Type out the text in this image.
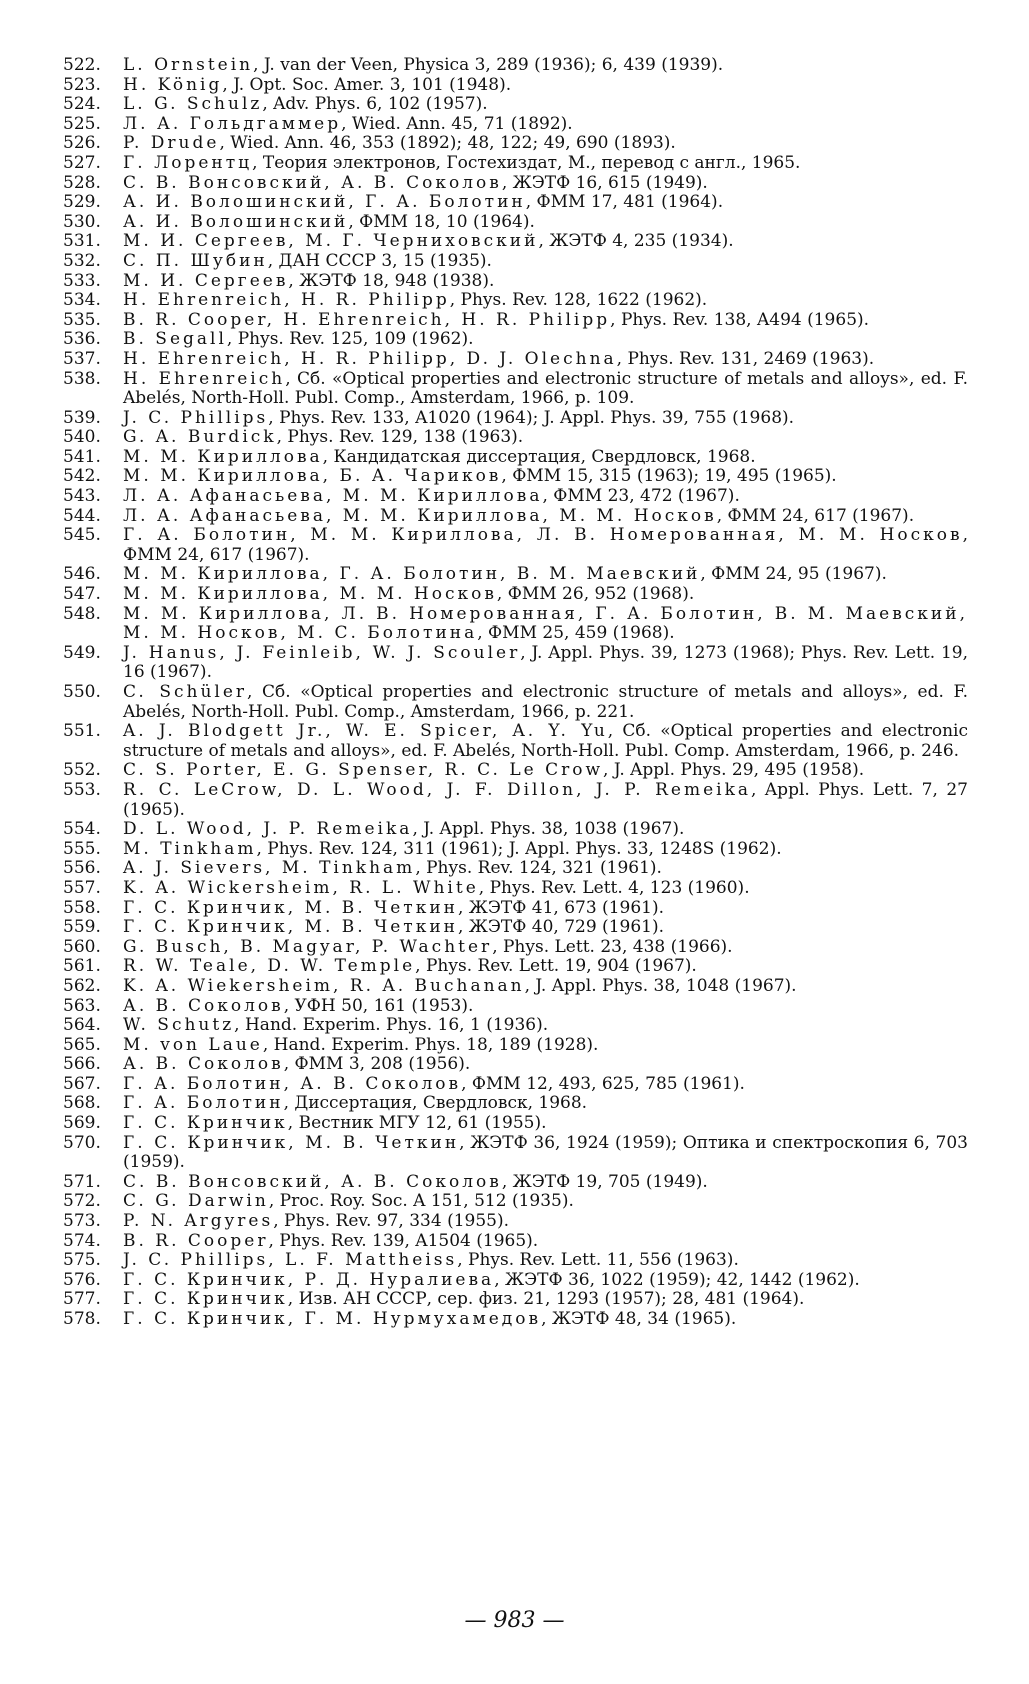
522. L. Ornstein, J. van der Veen, Physica 3, 289 (1936); 6, 439 (1939).
523. H. König, J. Opt. Soc. Amer. 3, 101 (1948).
524. L. G. Schulz, Adv. Phys. 6, 102 (1957).
525. Л. А. Гольдгаммер, Wied. Ann. 45, 71 (1892).
526. P. Drude, Wied. Ann. 46, 353 (1892); 48, 122; 49, 690 (1893).
527. Г. Лорентц, Теория электронов, Гостехиздат, М., перевод с англ., 1965.
528. С. В. Вонсовский, А. В. Соколов, ЖЭТФ 16, 615 (1949).
529. А. И. Волошинский, Г. А. Болотин, ФММ 17, 481 (1964).
530. А. И. Волошинский, ФММ 18, 10 (1964).
531. М. И. Сергеев, М. Г. Черниховский, ЖЭТФ 4, 235 (1934).
532. С. П. Шубин, ДАН СССР 3, 15 (1935).
533. М. И. Сергеев, ЖЭТФ 18, 948 (1938).
534. H. Ehrenreich, H. R. Philipp, Phys. Rev. 128, 1622 (1962).
535. B. R. Cooper, H. Ehrenreich, H. R. Philipp, Phys. Rev. 138, A494 (1965).
536. B. Segall, Phys. Rev. 125, 109 (1962).
537. H. Ehrenreich, H. R. Philipp, D. J. Olechna, Phys. Rev. 131, 2469 (1963).
538. H. Ehrenreich, Сб. «Optical properties and electronic structure of metals and alloys», ed. F. Abelés, North-Holl. Publ. Comp., Amsterdam, 1966, p. 109.
539. J. C. Phillips, Phys. Rev. 133, A1020 (1964); J. Appl. Phys. 39, 755 (1968).
540. G. A. Burdick, Phys. Rev. 129, 138 (1963).
541. М. М. Кириллова, Кандидатская диссертация, Свердловск, 1968.
542. М. М. Кириллова, Б. А. Чариков, ФММ 15, 315 (1963); 19, 495 (1965).
543. Л. А. Афанасьева, М. М. Кириллова, ФММ 23, 472 (1967).
544. Л. А. Афанасьева, М. М. Кириллова, М. М. Носков, ФММ 24, 617 (1967).
545. Г. А. Болотин, М. М. Кириллова, Л. В. Номерованная, М. М. Носков, ФММ 24, 617 (1967).
546. М. М. Кириллова, Г. А. Болотин, В. М. Маевский, ФММ 24, 95 (1967).
547. М. М. Кириллова, М. М. Носков, ФММ 26, 952 (1968).
548. М. М. Кириллова, Л. В. Номерованная, Г. А. Болотин, В. М. Маевский, М. М. Носков, М. С. Болотина, ФММ 25, 459 (1968).
549. J. Hanus, J. Feinleib, W. J. Scouler, J. Appl. Phys. 39, 1273 (1968); Phys. Rev. Lett. 19, 16 (1967).
550. C. Schüler, Сб. «Optical properties and electronic structure of metals and alloys», ed. F. Abelés, North-Holl. Publ. Comp., Amsterdam, 1966, p. 221.
551. A. J. Blodgett Jr., W. E. Spicer, A. Y. Yu, Сб. «Optical properties and electronic structure of metals and alloys», ed. F. Abelés, North-Holl. Publ. Comp. Amsterdam, 1966, p. 246.
552. C. S. Porter, E. G. Spenser, R. C. Le Crow, J. Appl. Phys. 29, 495 (1958).
553. R. C. LeCrow, D. L. Wood, J. F. Dillon, J. P. Remeika, Appl. Phys. Lett. 7, 27 (1965).
554. D. L. Wood, J. P. Remeika, J. Appl. Phys. 38, 1038 (1967).
555. M. Tinkham, Phys. Rev. 124, 311 (1961); J. Appl. Phys. 33, 1248S (1962).
556. A. J. Sievers, M. Tinkham, Phys. Rev. 124, 321 (1961).
557. K. A. Wickersheim, R. L. White, Phys. Rev. Lett. 4, 123 (1960).
558. Г. С. Кринчик, М. В. Четкин, ЖЭТФ 41, 673 (1961).
559. Г. С. Кринчик, М. В. Четкин, ЖЭТФ 40, 729 (1961).
560. G. Busch, B. Magyar, P. Wachter, Phys. Lett. 23, 438 (1966).
561. R. W. Teale, D. W. Temple, Phys. Rev. Lett. 19, 904 (1967).
562. K. A. Wiekersheim, R. A. Buchanan, J. Appl. Phys. 38, 1048 (1967).
563. А. В. Соколов, УФН 50, 161 (1953).
564. W. Schutz, Hand. Experim. Phys. 16, 1 (1936).
565. M. von Laue, Hand. Experim. Phys. 18, 189 (1928).
566. А. В. Соколов, ФММ 3, 208 (1956).
567. Г. А. Болотин, А. В. Соколов, ФММ 12, 493, 625, 785 (1961).
568. Г. А. Болотин, Диссертация, Свердловск, 1968.
569. Г. С. Кринчик, Вестник МГУ 12, 61 (1955).
570. Г. С. Кринчик, М. В. Четкин, ЖЭТФ 36, 1924 (1959); Оптика и спектроскопия 6, 703 (1959).
571. С. В. Вонсовский, А. В. Соколов, ЖЭТФ 19, 705 (1949).
572. C. G. Darwin, Proc. Roy. Soc. A 151, 512 (1935).
573. P. N. Argyres, Phys. Rev. 97, 334 (1955).
574. B. R. Cooper, Phys. Rev. 139, A1504 (1965).
575. J. C. Phillips, L. F. Mattheiss, Phys. Rev. Lett. 11, 556 (1963).
576. Г. С. Кринчик, Р. Д. Нуралиева, ЖЭТФ 36, 1022 (1959); 42, 1442 (1962).
577. Г. С. Кринчик, Изв. АН СССР, сер. физ. 21, 1293 (1957); 28, 481 (1964).
578. Г. С. Кринчик, Г. М. Нурмухамедов, ЖЭТФ 48, 34 (1965).
— 983 —
